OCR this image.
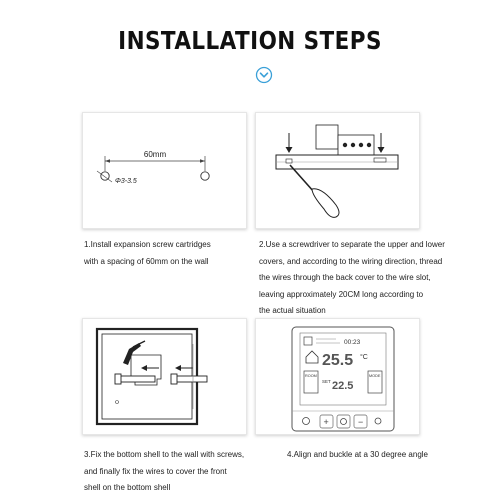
INSTALLATION STEPS
60mm
Φ3-3.5
00:23
25.5 °C
ROOM	MODE
SET 22.5
+	−
1.Install expansion screw cartridges
with a spacing of 60mm on the wall
2.Use a screwdriver to separate the upper and lower
covers, and according to the wiring direction, thread
the wires through the back cover to the wire slot,
leaving approximately 20CM long according to
the actual situation
3.Fix the bottom shell to the wall with screws,
and finally fix the wires to cover the front
shell on the bottom shell
4.Align and buckle at a 30 degree angle
